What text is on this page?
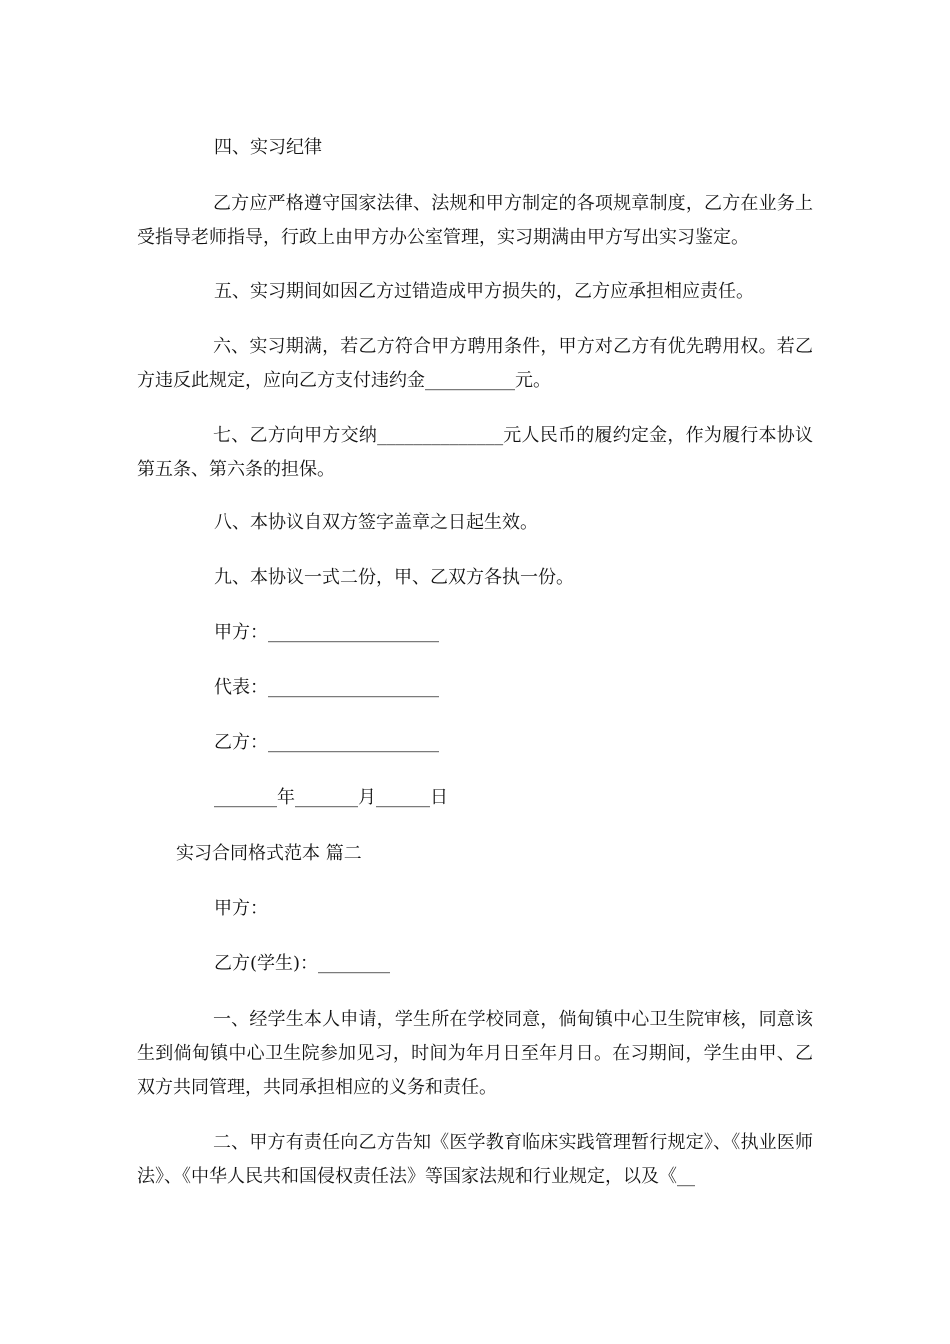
四、实习纪律
乙方应严格遵守国家法律、法规和甲方制定的各项规章制度，乙方在业务上受指导老师指导，行政上由甲方办公室管理，实习期满由甲方写出实习鉴定。
五、实习期间如因乙方过错造成甲方损失的，乙方应承担相应责任。
六、实习期满，若乙方符合甲方聘用条件，甲方对乙方有优先聘用权。若乙方违反此规定，应向乙方支付违约金__________元。
七、乙方向甲方交纳______________元人民币的履约定金，作为履行本协议第五条、第六条的担保。
八、本协议自双方签字盖章之日起生效。
九、本协议一式二份，甲、乙双方各执一份。
甲方：___________________
代表：___________________
乙方：___________________
_______年_______月______日
实习合同格式范本 篇二
甲方：
乙方(学生)：________
一、经学生本人申请，学生所在学校同意，倘甸镇中心卫生院审核，同意该生到倘甸镇中心卫生院参加见习，时间为年月日至年月日。在习期间，学生由甲、乙双方共同管理，共同承担相应的义务和责任。
二、甲方有责任向乙方告知《医学教育临床实践管理暂行规定》、《执业医师法》、《中华人民共和国侵权责任法》等国家法规和行业规定，以及《__
